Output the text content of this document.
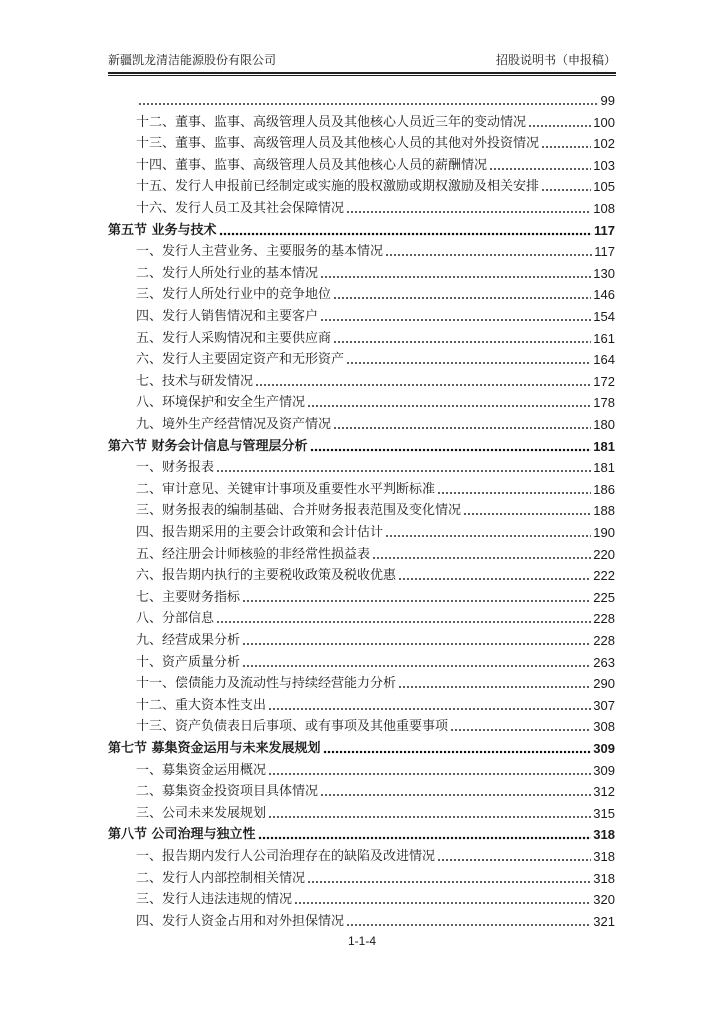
新疆凯龙清洁能源股份有限公司	招股说明书（申报稿）
99
十二、董事、监事、高级管理人员及其他核心人员近三年的变动情况	100
十三、董事、监事、高级管理人员及其他核心人员的其他对外投资情况	102
十四、董事、监事、高级管理人员及其他核心人员的薪酬情况	103
十五、发行人申报前已经制定或实施的股权激励或期权激励及相关安排	105
十六、发行人员工及其社会保障情况	108
第五节 业务与技术	117
一、发行人主营业务、主要服务的基本情况	117
二、发行人所处行业的基本情况	130
三、发行人所处行业中的竞争地位	146
四、发行人销售情况和主要客户	154
五、发行人采购情况和主要供应商	161
六、发行人主要固定资产和无形资产	164
七、技术与研发情况	172
八、环境保护和安全生产情况	178
九、境外生产经营情况及资产情况	180
第六节 财务会计信息与管理层分析	181
一、财务报表	181
二、审计意见、关键审计事项及重要性水平判断标准	186
三、财务报表的编制基础、合并财务报表范围及变化情况	188
四、报告期采用的主要会计政策和会计估计	190
五、经注册会计师核验的非经常性损益表	220
六、报告期内执行的主要税收政策及税收优惠	222
七、主要财务指标	225
八、分部信息	228
九、经营成果分析	228
十、资产质量分析	263
十一、偿债能力及流动性与持续经营能力分析	290
十二、重大资本性支出	307
十三、资产负债表日后事项、或有事项及其他重要事项	308
第七节 募集资金运用与未来发展规划	309
一、募集资金运用概况	309
二、募集资金投资项目具体情况	312
三、公司未来发展规划	315
第八节 公司治理与独立性	318
一、报告期内发行人公司治理存在的缺陷及改进情况	318
二、发行人内部控制相关情况	318
三、发行人违法违规的情况	320
四、发行人资金占用和对外担保情况	321
1-1-4
